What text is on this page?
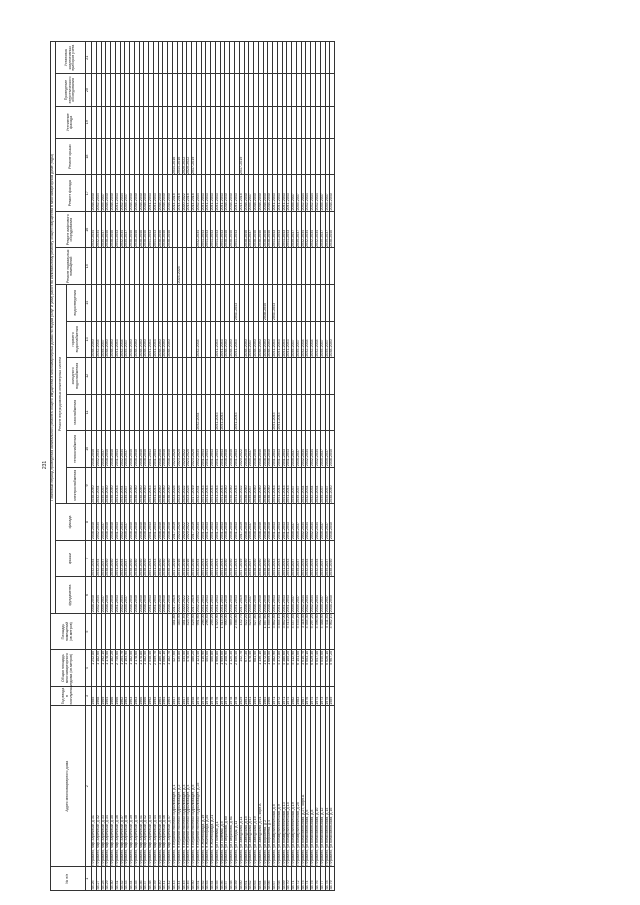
231
№ п/п	Адрес многоквартирного дома	Год ввода в эксплуатацию	Общая площадь многоквартирного дома (кв.метров)	Площадь помещений (кв.метров)	Плановый период проведения капитального ремонта общего имущества в многоквартирных домах по видам услуг и (или) работ по капитальному ремонту общего имущества в многоквартирном доме (годы)															
					фундамента	крыши	фасада	Ремонт внутридомовых инженерных систем						Ремонт подвальных помещений	Ремонт лифтового оборудования	Ремонт фасада	Ремонт крыши	Утепление фасада	Проведение энергетического обследования	Установка коллективных приборов учета
								электроснабжения	теплоснабжения	газоснабжения	холодного водоснабжения	горячего водоснабжения	водоотведения							
1	2	3	4	5	6	7	8	9	10	11	12	13	14	15	16	17	18	19	20	21
38.26	г.Фрязино, мкр.Заречный, д.31	1985	1 242,80		2038-2040	2032-2034	2038-2040	2038-2040	2038-2040			2038-2040			2032-2034	2038-2040				
38.27	г.Фрязино, мкр.Заречный, д.32	1968	1 182,60		2032-2034	2032-2034	2032-2034	2032-2034	2032-2034			2032-2034			2032-2034	2032-2034				
38.28	г.Фрязино, мкр.Заречный, д.33	1969	1 192,10		2035-2037	2035-2037	2035-2037	2035-2037	2035-2037			2035-2037			2035-2037	2035-2037				
38.29	г.Фрязино, мкр.Заречный, д.34	1964	1 178,50		2038-2040	2038-2040	2038-2040	2038-2040	2038-2040			2038-2040			2038-2040	2038-2040				
38.30	г.Фрязино, мкр.Заречный, д.35	1966	1 182,20		2038-2040	2038-2040	2038-2040	2038-2040	2038-2040			2038-2040			2038-2040	2038-2040				
38.31	г.Фрязино, мкр.Заречный, д.36	1966	2 740,60		2041-2043	2041-2043	2041-2043	2041-2043	2041-2043			2041-2043			2041-2043	2041-2043				
38.32	г.Фрязино, мкр.Заречный, д.37	1962	1 204,70		2032-2034	2032-2034	2032-2034	2032-2034	2032-2034			2032-2034			2032-2034	2032-2034				
38.33	г.Фрязино, мкр.Заречный, д.38	1963	1 163,90		2035-2037	2035-2037	2035-2037	2035-2037	2035-2037			2035-2037			2035-2037	2035-2037				
38.34	г.Фрязино, мкр.Заречный, д.39	1963	1 182,50		2038-2040	2038-2040	2038-2040	2038-2040	2038-2040			2038-2040			2038-2040	2038-2040				
38.35	г.Фрязино, мкр.Заречный, д.40	1963	1 178,60		2038-2040	2038-2040	2038-2040	2038-2040	2038-2040			2038-2040			2038-2040	2038-2040				
38.36	г.Фрязино, мкр.Заречный, д.41	1966	1 378,80		2038-2040	2038-2040	2038-2040	2038-2040	2038-2040			2038-2040			2038-2040	2038-2040				
38.37	г.Фрязино, мкр.Заречный, д.42	1966	1 382,50		2038-2040	2038-2040	2038-2040	2038-2040	2038-2040			2038-2040			2038-2040	2038-2040				
38.38	г.Фрязино, мкр.Заречный, д.43	1992	2 548,40		2041-2043	2041-2043	2041-2043	2041-2043	2041-2043			2041-2043			2041-2043	2041-2043				
38.39	г.Фрязино, мкр.Заречный, д.44	1993	2 559,70		2041-2043	2041-2043	2041-2043	2041-2043	2041-2043			2041-2043			2041-2043	2041-2043				
38.40	г.Фрязино, мкр.Заречный, д.45	1964	1 180,10		2038-2040	2038-2040	2038-2040	2038-2040	2038-2040			2038-2040			2038-2040	2038-2040				
38.41	г.Фрязино, мкр.Заречный, д.46	1964	3 066,10		2038-2040	2038-2040	2038-2040	2038-2040	2038-2040			2038-2040			2038-2040	2038-2040				
38.42	г.Фрязино, мкр.Заречный, д.47	1964	1 182,70		2038-2040	2038-2040	2038-2040	2038-2040	2038-2040			2038-2040			2038-2040	2038-2040				
38.43	г.Фрязино, п.Верхний поселок Гидролизацин, д.1	1947	427,60	381,80	2017-2019	2017-2019	2017-2019	2023-2025	2023-2025							2014-2016	2014-2016			
38.44	г.Фрязино, п.Верхний поселок Гидролизацин, д.2	1946	430,80	383,30	2023-2025	2014-2016	2023-2025	2023-2025	2023-2025					2023-2025		2014-2016	2014-2016			
38.45	г.Фрязино, п.Верхний поселок Гидролизацин, д.3	1947	434,50	381,40	2020-2022	2014-2016	2020-2022	2020-2022	2020-2022							2020-2022	2020-2022			
38.46	г.Фрязино, п.Верхний поселок Гидролизацин, д.4	1956	478,50	423,70	2020-2022	2014-2016	2020-2022	2023-2025	2023-2025							2014-2016	2020-2022			
38.50	г.Фрязино, п.Верхний поселок Гидролизацин, д.5	1948	480,20	425,50	2017-2019	2014-2016	2017-2019	2017-2019	2023-2025							2014-2016	2017-2019			
38.51	г.Фрязино, п.Верхний поселок Гидролизацин, д.25	1970	1 121,40	991,60	2032-2034	2032-2034	2032-2034	2032-2034	2032-2034	2032-2034		2032-2034			2032-2034	2032-2034				
38.52	г.Фрязино, п.Жолтоорада, д.19	1976	410,90	296,00	2041-2043	2041-2043	2041-2043	2041-2043	2041-2043						2041-2043	2041-2043				
38.53	г.Фрязино, п.Жолтоорада, д.20	1976	404,00	296,40	2041-2043	2041-2043	2041-2043	2041-2043	2041-2043						2041-2043	2041-2043				
38.54	г.Фрязино, п.Жолтоорада, д.21	1976	400,80	295,20	2041-2043	2041-2043	2041-2043	2041-2043	2041-2043						2041-2043	2041-2043				
38.55	г.Фрязино, ул.Полевая, д.1	1976	1 966,80	1 520,90	2041-2043	2041-2043	2041-2043	2041-2043	2041-2043	2041-2043		2041-2043			2041-2043	2041-2043				
38.56	г.Фрязино, ул.Полевая, д.5	1976	1 959,00	1 514,00	2041-2043	2041-2043	2041-2043	2041-2043	2041-2043	2041-2043		2041-2043			2041-2043	2041-2043				
38.57	г.Фрязино, ул.Гаврилова, д.60	1975	2 108,90	990,00	2038-2040	2038-2040	2038-2040	2038-2040	2038-2040			2038-2040			2038-2040	2038-2040				
38.58	г.Фрязино, ул.Гаврилова, д.61	1978	1 120,30	989,20	2038-2040	2038-2040	2038-2040	2038-2040	2038-2040			2038-2040			2038-2040	2038-2040				
38.59	г.Фрязино, ул.Победы, д.11	1978	2 856,40	2 498,00	2041-2043	2041-2043	2041-2043	2041-2043	2041-2043	2041-2043		2041-2043	2041-2043		2041-2043	2041-2043				
38.60	г.Фрязино, ул.Заводская, д.11	1929	142,70	142,70	2017-2019	2017-2019	2017-2019	2020-2022	2020-2022							2014-2016	2017-2019			
38.61	г.Фрязино, ул.Заводская, д.15	1951	677,30	522,20	2038-2040	2038-2040	2038-2040	2038-2040	2038-2040			2038-2040			2038-2040	2038-2040				
38.62	г.Фрязино, ул.Заводская, д.17	1951	678,40	523,40	2035-2037	2035-2037	2035-2037	2035-2037	2035-2037			2035-2037			2035-2037	2035-2037				
38.63	г.Фрязино, ул.Заводская, д.19	1951	681,50	527,80	2038-2040	2038-2040	2038-2040	2038-2040	2038-2040			2038-2040			2038-2040	2038-2040				
38.64	г.Фрязино, ул.Заводская, д.21, корп.А	1991	1 136,10	992,60	2038-2040	2038-2040	2038-2040	2038-2040	2038-2040			2038-2040			2038-2040	2038-2040				
38.65	г.Фрязино, ул.Королева, д.2	1964	1 672,00	1 467,60	2038-2040	2038-2040	2038-2040	2038-2040	2038-2040			2038-2040	2038-2040		2038-2040	2038-2040				
38.66	г.Фрязино, ул.Королева, д.4	1966	1 669,50	1 465,00	2038-2040	2038-2040	2038-2040	2038-2040	2038-2040			2038-2040			2038-2040	2038-2040				
38.67	г.Фрязино, ул.Коммунистическая, д.5	1971	4 382,90	3 862,50	2041-2043	2041-2043	2041-2043	2041-2043	2041-2043	2041-2043		2041-2043	2041-2043		2041-2043	2041-2043				
38.68	г.Фрязино, ул.Коммунистическая, д.9	1972	4 372,80	3 854,10	2041-2043	2041-2043	2041-2043	2041-2043	2041-2043	2041-2043		2041-2043			2041-2043	2041-2043				
38.69	г.Фрязино, ул.Коммунистическая, д.13	1971	4 380,60	3 862,00	2041-2043	2041-2043	2041-2043	2041-2043	2041-2043			2041-2043			2041-2043	2041-2043				
38.70	г.Фрязино, ул.Коммунистическая, д.15	1974	6 105,20	5 413,20	2041-2043	2041-2043	2041-2043	2041-2043	2041-2043			2041-2043			2041-2043	2041-2043				
38.71	г.Фрязино, ул.Коммунистическая, д.19	1982	5 112,90	4 447,40	2035-2037	2035-2037	2035-2037	2035-2037	2035-2037			2035-2037			2035-2037	2035-2037				
38.72	г.Фрязино, ул.Коммунистическая, д.25	1983	6 151,00	5 433,20	2035-2037	2035-2037	2035-2037	2035-2037	2035-2037			2035-2037			2035-2037	2035-2037				
38.73	г.Фрязино, ул.Комсомольская, д.27, корп.А	1987	3 610,70	3 118,30	2032-2034	2032-2034	2032-2034	2032-2034	2032-2034			2032-2034			2032-2034	2032-2034				
38.74	г.Фрязино, ул.Комсомольская, д.6	1976	5 003,10	4 354,30	2032-2034	2032-2034	2032-2034	2032-2034	2032-2034			2032-2034			2032-2034	2032-2034				
38.75	г.Фрязино, ул.Комсомольская, д.8	1974	6 029,30	5 297,20	2032-2034	2032-2034	2032-2034	2032-2034	2032-2034			2032-2034			2032-2034	2032-2034				
38.76	г.Фрязино, ул.Комсомольская, д.10	1974	5 047,40	4 396,60	2032-2034	2032-2034	2032-2034	2032-2034	2032-2034			2032-2034			2032-2034	2032-2034				
38.77	г.Фрязино, ул.Комсомольская, д.12	1973	5 040,00	4 388,50	2035-2037	2035-2037	2035-2037	2035-2037	2035-2037			2035-2037			2035-2037	2035-2037				
38.78	г.Фрязино, ул.Комсомольская, д.14	1975	6 026,10	5 411,40	2035-2037	2035-2037	2035-2037	2035-2037	2035-2037			2035-2037			2035-2037	2035-2037				
38.79	г.Фрязино, ул.Комсомольская, д.16	1989	5 967,20	4 962,10	2038-2040	2038-2040	2038-2040	2038-2040	2038-2040			2038-2040			2038-2040	2038-2040				
